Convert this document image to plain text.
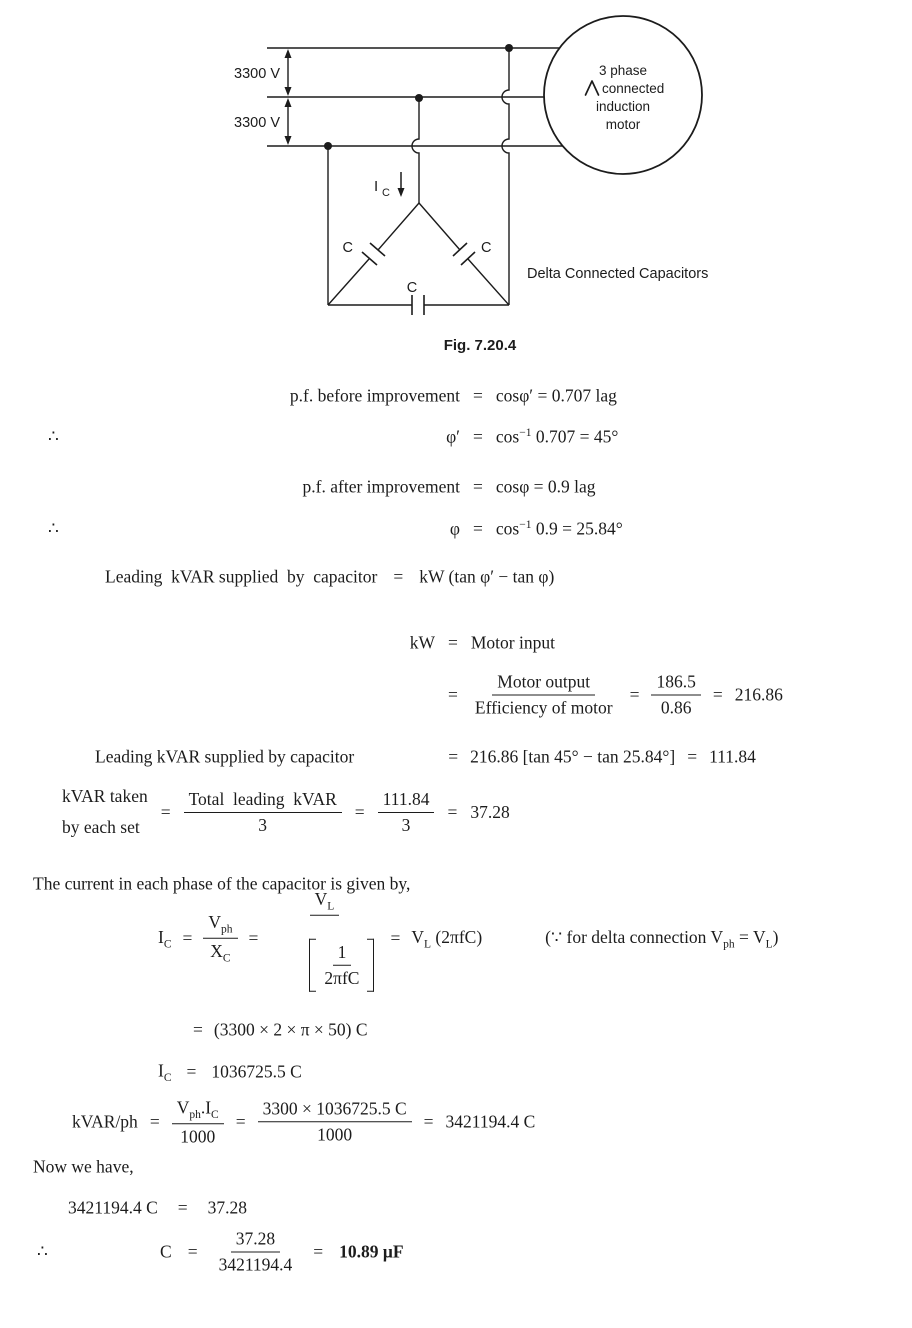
3300 V
3300 V
3 phase
connected
induction
motor
I C
C	C
C
Delta Connected Capacitors
Fig. 7.20.4
p.f. before improvement = cosφ′ = 0.707 lag
∴	$\varphi' = \cos^{-1} 0.707 = 45^\circ$
p.f. after improvement = cosφ = 0.9 lag
∴	$\varphi = \cos^{-1} 0.9 = 25.84^\circ$
Leading  kVAR supplied  by  capacitor = kW (tan φ′ − tan φ)
kW = Motor input
= $\frac{\text{Motor output}}{\text{Efficiency of motor}} = \frac{186.5}{0.86} = 216.86$
Leading kVAR supplied by capacitor	= 216.86 [tan 45° − tan 25.84°] = 111.84
kVAR taken
by each set
= $\frac{\text{Total  leading  kVAR}}{3} = \frac{111.84}{3} = 37.28$
The current in each phase of the capacitor is given by,
$I_C = \frac{V_{ph}}{X_C} = \frac{V_L}{\frac{1}{\text{2πfC}}}$

= $V_L$ (2πfC)	(∵ for delta connection $V_{ph} = V_L$)
= (3300 × 2 × π × 50) C
$I_C = 1036725.5$ C
kVAR/ph = $\frac{V_{ph}.I_C}{1000} = \frac{3300 \times 1036725.5 C}{1000} = 3421194.4$ C
Now we have,
3421194.4 C = 37.28
∴	$C = \frac{37.28}{3421194.4} = 10.89$ μF
